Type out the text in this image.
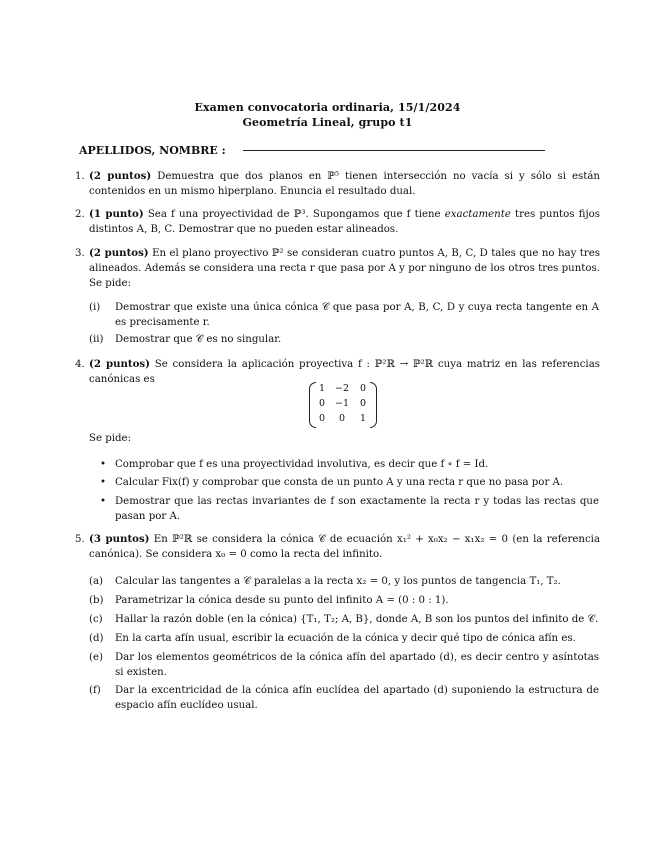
Examen convocatoria ordinaria, 15/1/2024
Geometría Lineal, grupo t1
APELLIDOS, NOMBRE :
1. (2 puntos) Demuestra que dos planos en ℙ⁵ tienen intersección no vacía si y sólo si están contenidos en un mismo hiperplano. Enuncia el resultado dual.
2. (1 punto) Sea f una proyectividad de ℙ³. Supongamos que f tiene exactamente tres puntos fijos distintos A, B, C. Demostrar que no pueden estar alineados.
3. (2 puntos) En el plano proyectivo ℙ² se consideran cuatro puntos A, B, C, D tales que no hay tres alineados. Además se considera una recta r que pasa por A y por ninguno de los otros tres puntos. Se pide:
(i) Demostrar que existe una única cónica 𝒞 que pasa por A, B, C, D y cuya recta tangente en A es precisamente r.
(ii) Demostrar que 𝒞 es no singular.
4. (2 puntos) Se considera la aplicación proyectiva f : ℙ²ℝ → ℙ²ℝ cuya matriz en las referencias canónicas es
1	−2	0
0	−1	0
0	0	1
Se pide:
• Comprobar que f es una proyectividad involutiva, es decir que f ∘ f = Id.
• Calcular Fix(f) y comprobar que consta de un punto A y una recta r que no pasa por A.
• Demostrar que las rectas invariantes de f son exactamente la recta r y todas las rectas que pasan por A.
5. (3 puntos) En ℙ²ℝ se considera la cónica 𝒞 de ecuación x₁² + x₀x₂ − x₁x₂ = 0 (en la referencia canónica). Se considera x₀ = 0 como la recta del infinito.
(a) Calcular las tangentes a 𝒞 paralelas a la recta x₂ = 0, y los puntos de tangencia T₁, T₂.
(b) Parametrizar la cónica desde su punto del infinito A = (0 : 0 : 1).
(c) Hallar la razón doble (en la cónica) {T₁, T₂; A, B}, donde A, B son los puntos del infinito de 𝒞.
(d) En la carta afín usual, escribir la ecuación de la cónica y decir qué tipo de cónica afín es.
(e) Dar los elementos geométricos de la cónica afín del apartado (d), es decir centro y asíntotas si existen.
(f) Dar la excentricidad de la cónica afín euclídea del apartado (d) suponiendo la estructura de espacio afín euclídeo usual.
